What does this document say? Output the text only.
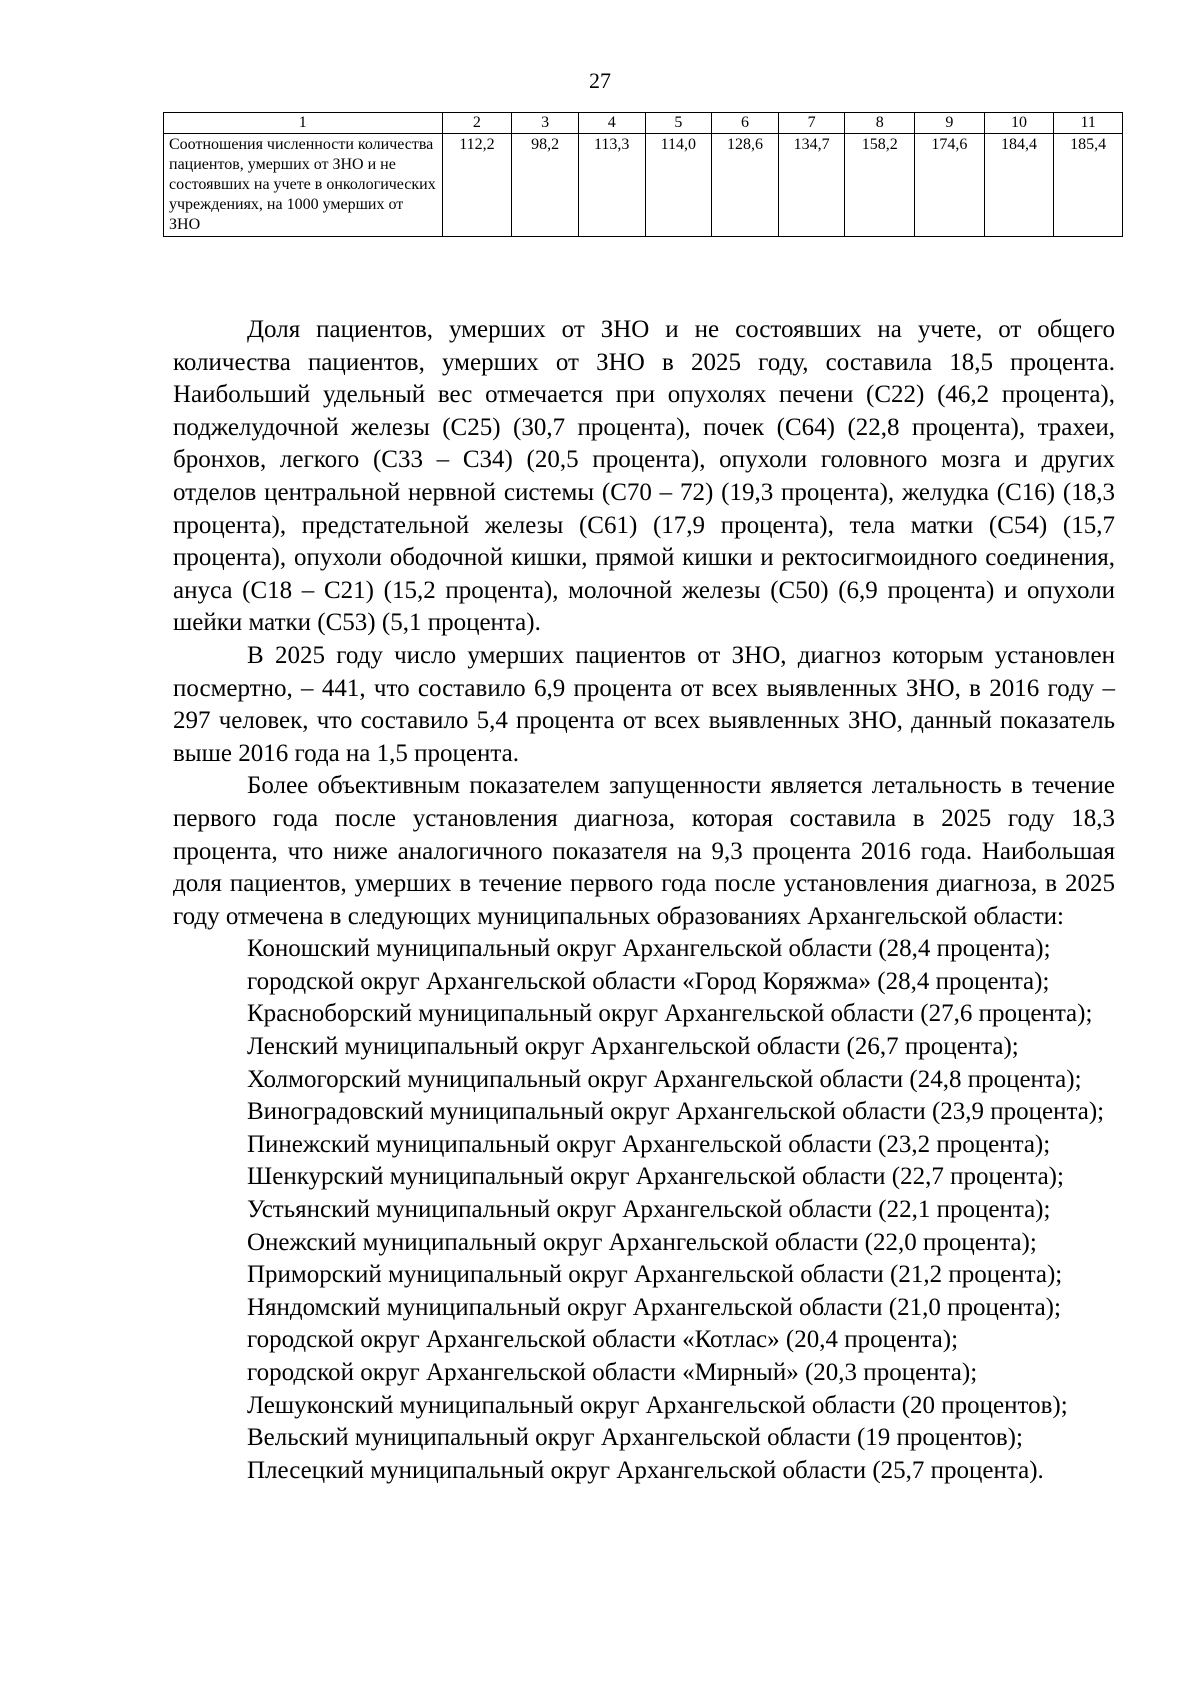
27
1	2	3	4	5	6	7	8	9	10	11
Соотношения численности количества пациентов, умерших от ЗНО и не состоявших на учете в онкологических учреждениях, на 1000 умерших от ЗНО	112,2	98,2	113,3	114,0	128,6	134,7	158,2	174,6	184,4	185,4

Доля пациентов, умерших от ЗНО и не состоявших на учете, от общего количества пациентов, умерших от ЗНО в 2025 году, составила 18,5 процента. Наибольший удельный вес отмечается при опухолях печени (С22) (46,2 процента), поджелудочной железы (С25) (30,7 процента), почек (С64) (22,8 процента), трахеи, бронхов, легкого (С33 – С34) (20,5 процента), опухоли головного мозга и других отделов центральной нервной системы (С70 – 72) (19,3 процента), желудка (С16) (18,3 процента), предстательной железы (С61) (17,9 процента), тела матки (С54) (15,7 процента), опухоли ободочной кишки, прямой кишки и ректосигмоидного соединения, ануса (С18 – С21) (15,2 процента), молочной железы (С50) (6,9 процента) и опухоли шейки матки (С53) (5,1 процента).

В 2025 году число умерших пациентов от ЗНО, диагноз которым установлен посмертно, – 441, что составило 6,9 процента от всех выявленных ЗНО, в 2016 году – 297 человек, что составило 5,4 процента от всех выявленных ЗНО, данный показатель выше 2016 года на 1,5 процента.

Более объективным показателем запущенности является летальность в течение первого года после установления диагноза, которая составила в 2025 году 18,3 процента, что ниже аналогичного показателя на 9,3 процента 2016 года. Наибольшая доля пациентов, умерших в течение первого года после установления диагноза, в 2025 году отмечена в следующих муниципальных образованиях Архангельской области:

Коношский муниципальный округ Архангельской области (28,4 процента);
городской округ Архангельской области «Город Коряжма» (28,4 процента);
Красноборский муниципальный округ Архангельской области (27,6 процента);
Ленский муниципальный округ Архангельской области (26,7 процента);
Холмогорский муниципальный округ Архангельской области (24,8 процента);
Виноградовский муниципальный округ Архангельской области (23,9 процента);
Пинежский муниципальный округ Архангельской области (23,2 процента);
Шенкурский муниципальный округ Архангельской области (22,7 процента);
Устьянский муниципальный округ Архангельской области (22,1 процента);
Онежский муниципальный округ Архангельской области (22,0 процента);
Приморский муниципальный округ Архангельской области (21,2 процента);
Няндомский муниципальный округ Архангельской области (21,0 процента);
городской округ Архангельской области «Котлас» (20,4 процента);
городской округ Архангельской области «Мирный» (20,3 процента);
Лешуконский муниципальный округ Архангельской области (20 процентов);
Вельский муниципальный округ Архангельской области (19 процентов);
Плесецкий муниципальный округ Архангельской области (25,7 процента).
